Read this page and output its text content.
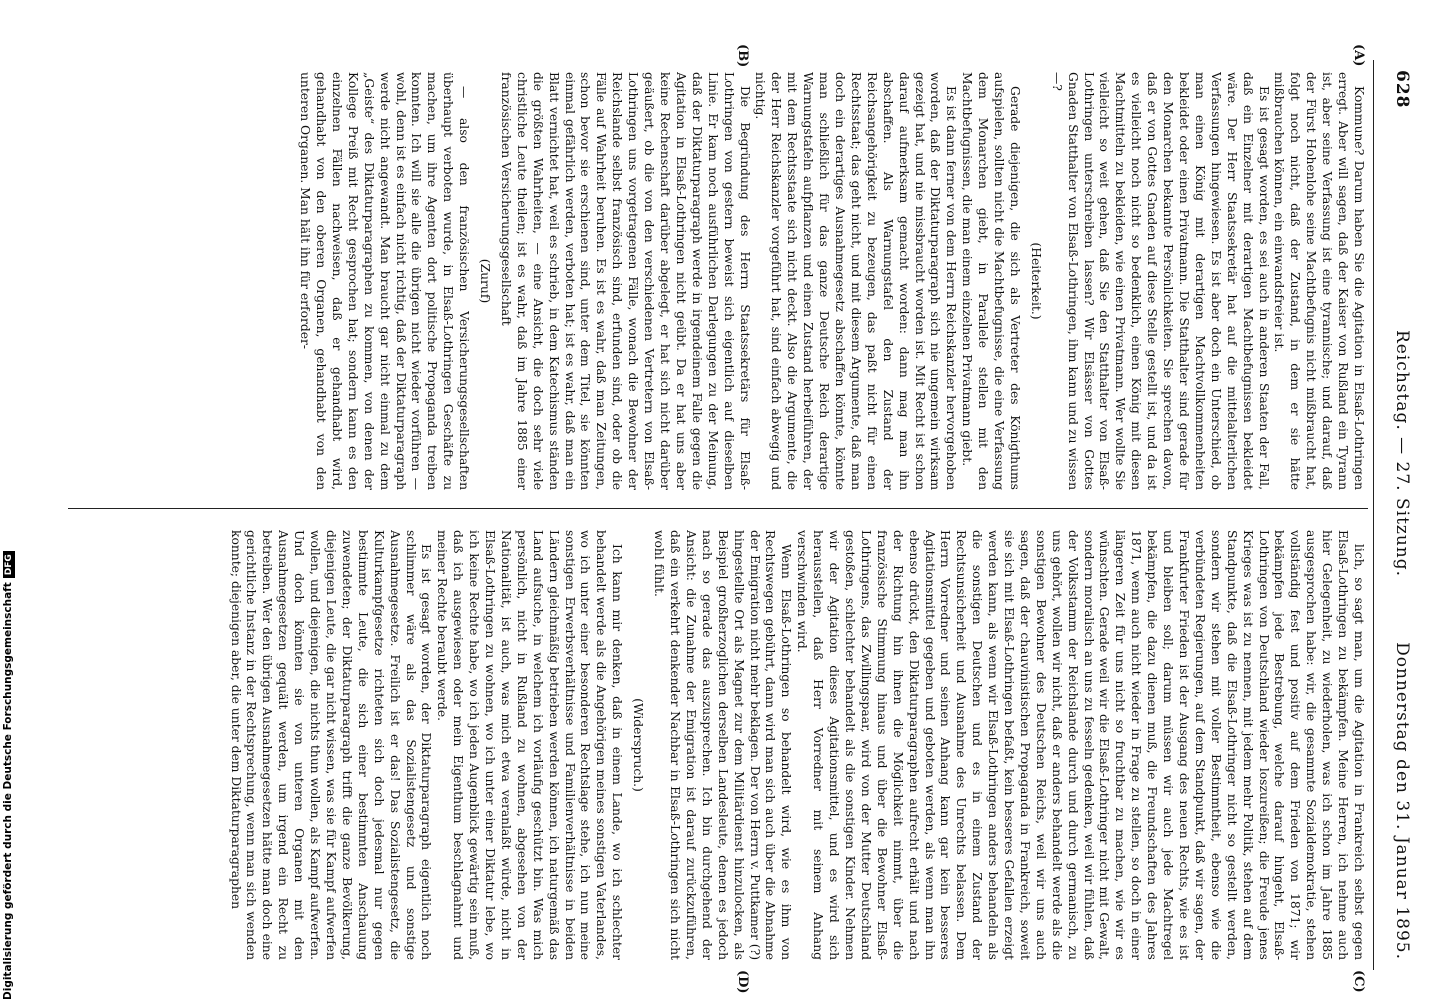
628
Reichstag. — 27. Sitzung.
Donnerstag den 31. Januar 1895.
(A)
(B)
(C)
(D)

Kommune? Darum haben Sie die Agitation in Elsaß-Lothringen erregt. Aber will sagen, daß der Kaiser von Rußland ein Tyrann ist, aber seine Verfassung ist eine tyrannische; und darauf, daß der Fürst Hohenlohe seine Machtbefugnis nicht mißbraucht hat, folgt noch nicht, daß der Zustand, in dem er sie hätte mißbrauchen können, ein einwandsfreier ist.

Es ist gesagt worden, es sei auch in anderen Staaten der Fall, daß ein Einzelner mit derartigen Machtbefugnissen bekleidet wäre. Der Herr Staatssekretär hat auf die mittelalterlichen Verfassungen hingewiesen. Es ist aber doch ein Unterschied, ob man einen König mit derartigen Machtvollkommenheiten bekleidet oder einen Privatmann. Die Statthalter sind gerade für den Monarchen bekannte Persönlichkeiten. Sie sprechen davon, daß er von Gottes Gnaden auf diese Stelle gestellt ist, und da ist es vielleicht noch nicht so bedenklich, einen König mit diesen Machtmitteln zu bekleiden, wie einen Privatmann. Wer wollte Sie vielleicht so weit gehen, daß Sie den Statthalter von Elsaß-Lothringen unterschreiben lassen? Wir Elsässer von Gottes Gnaden Statthalter von Elsaß-Lothringen, ihm kann und zu wissen —?

(Heiterkeit.)

Gerade diejenigen, die sich als Vertreter des Königthums aufspielen, sollten nicht die Machtbefugnisse, die eine Verfassung dem Monarchen giebt, in Parallele stellen mit den Machtbefugnissen, die man einem einzelnen Privatmann giebt.

Es ist dann ferner von dem Herrn Reichskanzler hervorgehoben worden, daß der Diktaturparagraph sich nie ungemein wirksam gezeigt hat, und nie missbraucht worden ist. Mit Recht ist schon darauf aufmerksam gemacht worden: dann mag man ihn abschaffen. Als Warnungstafel den Zustand der Reichsangehörigkeit zu bezeugen, das paßt nicht für einen Rechtsstaat; das geht nicht, und mit diesem Argumente, daß man doch ein derartiges Ausnahmegesetz abschaffen könnte, könnte man schließlich für das ganze Deutsche Reich derartige Warnungstafeln aufpflanzen und einen Zustand herbeiführen, der mit dem Rechtsstaate sich nicht deckt. Also die Argumente, die der Herr Reichskanzler vorgeführt hat, sind einfach abwegig und nichtig.

Die Begründung des Herrn Staatssekretärs für Elsaß-Lothringen von gestern beweist sich eigentlich auf dieselben Linie. Er kam noch ausführlichen Darlegungen zu der Meinung, daß der Diktaturparagraph werde in irgendeinem Falle gegen die Agitation in Elsaß-Lothringen nicht geübt. Da er hat uns aber keine Rechenschaft darüber abgelegt, er hat sich nicht darüber geäußert, ob die von den verschiedenen Vertretern von Elsaß-Lothringen uns vorgetragenen Fälle, wonach die Bewohner der Reichslande selbst französisch sind, erfunden sind, oder ob die Fälle auf Wahrheit beruhen. Es ist es wahr, daß man Zeitungen, schon bevor sie erschienen sind, unter dem Titel, sie könnten einmal gefährlich werden, verboten hat; ist es wahr, daß man ein Blatt vernichtet hat, weil es schrieb, in dem Katechismus ständen die größten Wahrheiten, — eine Ansicht, die doch sehr viele christliche Leute theilen; ist es wahr, daß im Jahre 1885 einer französischen Versicherungsgesellschaft

(Zuruf)

— also den französischen Versicherungsgesellschaften überhaupt verboten wurde, in Elsaß-Lothringen Geschäfte zu machen, um ihre Agenten dort politische Propaganda treiben konnten. Ich will sie alle die übrigen nicht wieder vorführen — wohl, denn ist es einfach nicht richtig, daß der Diktaturparagraph werde nicht angewandt. Man braucht gar nicht einmal zu dem „Geiste“ des Diktaturparagraphen zu kommen, von denen der Kollege Preiß mit Recht gesprochen hat; sondern kann es den einzelnen Fällen nachweisen, daß er gehandhabt wird, gehandhabt von den oberen Organen, gehandhabt von den unteren Organen. Man hält ihn für erforder-

lich, so sagt man, um die Agitation in Frankreich selbst gegen Elsaß-Lothringen zu bekämpfen. Meine Herren, ich nehme auch hier Gelegenheit, zu wiederholen, was ich schon im Jahre 1885 ausgesprochen habe: wir, die gesammte Sozialdemokratie, stehen vollständig fest und positiv auf dem Frieden von 1871; wir bekämpfen jede Bestrebung, welche darauf hingeht, Elsaß-Lothringen von Deutschland wieder loszureißen; die Freude jenes Krieges was ist zu nennen, mit jedem mehr Politik, stehen auf dem Standpunkte, daß die Elsaß-Lothringer nicht so gestellt werden, sondern wir stehen mit voller Bestimmtheit, ebenso wie die verbündeten Regierungen, auf dem Standpunkt, daß wir sagen, der Frankfurter Frieden ist der Ausgang des neuen Rechts, wie es ist und bleiben soll; darum müssen wir auch jede Machtregel bekämpfen, die dazu dienen muß, die Freundschaften des Jahres 1871, wenn auch nicht wieder in Frage zu stellen, so doch in einer längeren Zeit für uns nicht so fruchtbar zu machen, wie wir es wünschten. Gerade weil wir die Elsaß-Lothringer nicht mit Gewalt, sondern moralisch an uns zu fesseln gedenken, weil wir fühlen, daß der Volksstamm der Reichslande durch und durch germanisch, zu uns gehört, wollen wir nicht, daß er anders behandelt werde als die sonstigen Bewohner des Deutschen Reichs, weil wir uns auch sagen, daß der chauvinistischen Propaganda in Frankreich, soweit sie sich mit Elsaß-Lothringen befaßt, kein besseres Gefallen erzeigt werden kann, als wenn wir Elsaß-Lothringen anders behandeln als die sonstigen Deutschen und es in einem Zustand der Rechtsunsicherheit und Ausnahme des Unrechts belassen. Dem Herrn Vorredner und seinen Anhang kann gar kein besseres Agitationsmittel gegeben und geboten werden, als wenn man ihn ebenso drückt, den Diktaturparagraphen aufrecht erhält und nach der Richtung hin ihnen die Möglichkeit nimmt, über die französische Stimmung hinaus und über die Bewohner Elsaß-Lothringens, das Zwillingspaar, wird von der Mutter Deutschland gestoßen, schlechter behandelt als die sonstigen Kinder. Nehmen wir der Agitation dieses Agitationsmittel, und es wird sich herausstellen, daß Herr Vorredner mit seinem Anhang verschwinden wird.

Wenn Elsaß-Lothringen so behandelt wird, wie es ihm von Rechtswegen gebührt, dann wird man sich auch über die Abnahme der Emigration nicht mehr beklagen. Der von Herrn v. Puttkamer (?) hingestellte Ort als Magnet zur dem Militärdienst hinzulocken, als Beispiel großherzoglichen derselben Landesleute, denen es jedoch nach so gerade das auszusprechen. Ich bin durchgehend der Ansicht: die Zunahme der Emigration ist darauf zurückzuführen, daß ein verkehrt denkender Nachbar in Elsaß-Lothringen sich nicht wohl fühlt.

(Widerspruch.)

Ich kann mir denken, daß in einem Lande, wo ich schlechter behandelt werde als die Angehörigen meines sonstigen Vaterlandes, wo ich unter einer besonderen Rechtslage stehe, ich nun meine sonstigen Erwerbsverhältnisse und Familienverhältnisse in beiden Ländern gleichmäßig betrieben werden können, ich naturgemäß das Land aufsuche, in welchem ich vorläufig geschützt bin. Was mich persönlich, nicht in Rußland zu wohnen, abgesehen von der Nationalität, ist auch, was mich etwa veranlaßt würde, nicht in Elsaß-Lothringen zu wohnen, wo ich unter einer Diktatur lebe, wo ich keine Rechte habe, wo ich jeden Augenblick gewärtig sein muß, daß ich ausgewiesen oder mein Eigenthum beschlagnahmt und meiner Rechte beraubt werde.

Es ist gesagt worden, der Diktaturparagraph eigentlich noch schlimmer wäre als das Sozialistengesetz und sonstige Ausnahmegesetze. Freilich ist er das! Das Sozialistengesetz, die Kulturkampfgesetze richteten sich doch jedesmal nur gegen bestimmte Leute, die sich einer bestimmten Anschauung zuwendeten; der Diktaturparagraph trifft die ganze Bevölkerung, diejenigen Leute, die gar nicht wissen, was sie für Kampf aufwerfen wollen, und diejenigen, die nichts thun wollen, als Kampf aufwerfen. Und doch könnten sie von unteren Organen mit den Ausnahmegesetzen gequält werden, um irgend ein Recht zu betreiben. Wer den übrigen Ausnahmegesetzen hätte man doch eine gerichtliche Instanz in der Rechtsprechung, wenn man sich wenden konnte; diejenigen aber, die unter dem Diktaturparagraphen

Digitalisierung gefördert durch die Deutsche ForschungsgemeinschaftDFG
